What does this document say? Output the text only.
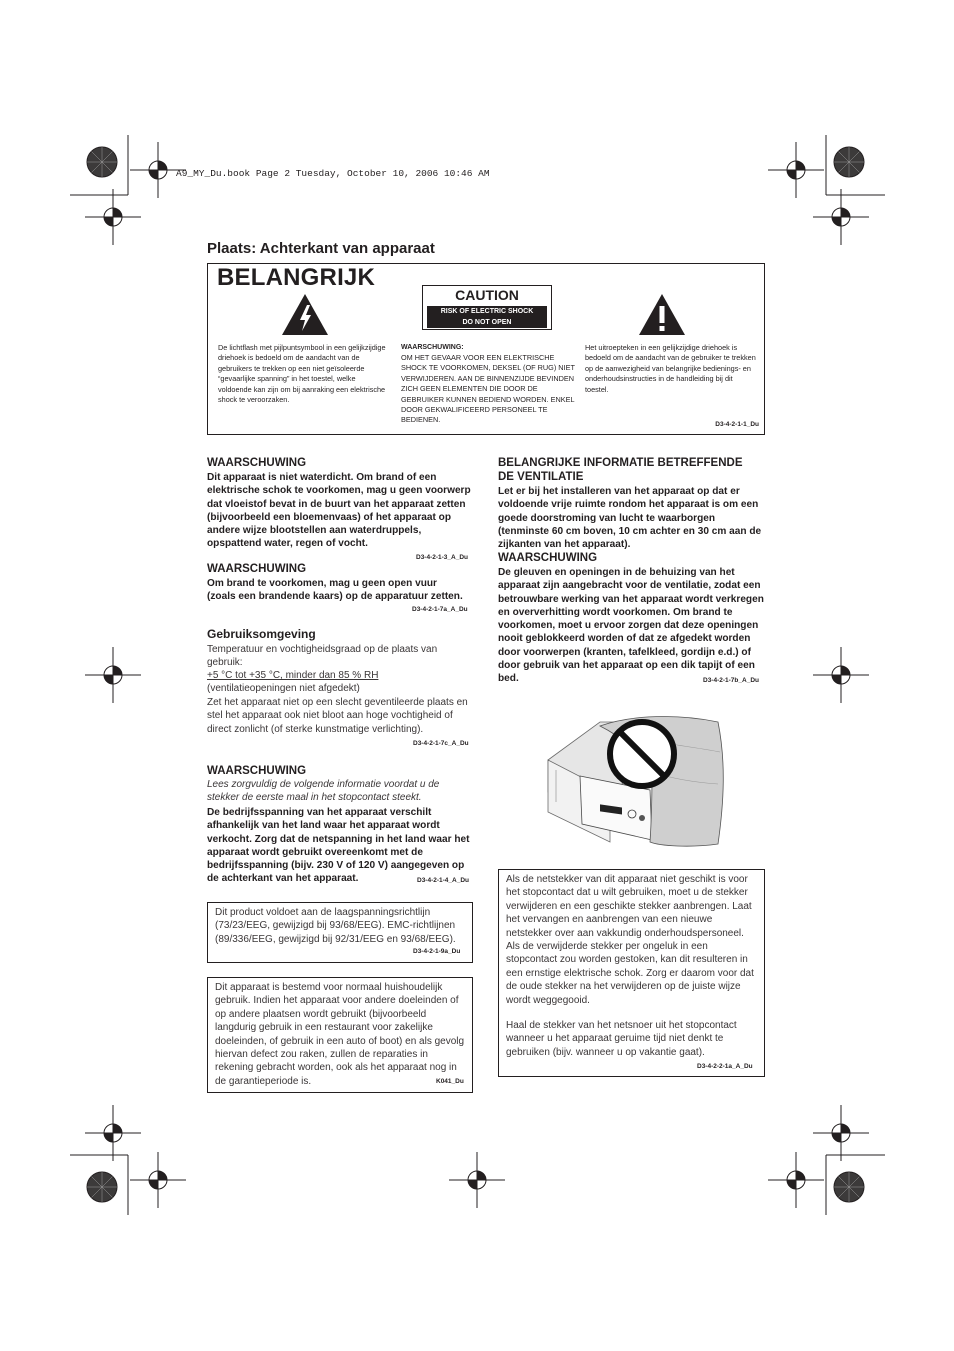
A9_MY_Du.book Page 2 Tuesday, October 10, 2006 10:46 AM
Plaats: Achterkant van apparaat
BELANGRIJK
CAUTION
RISK OF ELECTRIC SHOCK
DO NOT OPEN
De lichtflash met pijlpuntsymbool in een gelijkzijdige driehoek is bedoeld om de aandacht van de gebruikers te trekken op een niet geïsoleerde “gevaarlijke spanning” in het toestel, welke voldoende kan zijn om bij aanraking een elektrische shock te veroorzaken.
WAARSCHUWING:
OM HET GEVAAR VOOR EEN ELEKTRISCHE SHOCK TE VOORKOMEN, DEKSEL (OF RUG) NIET VERWIJDEREN. AAN DE BINNENZIJDE BEVINDEN ZICH GEEN ELEMENTEN DIE DOOR DE GEBRUIKER KUNNEN BEDIEND WORDEN. ENKEL DOOR GEKWALIFICEERD PERSONEEL TE BEDIENEN.
Het uitroepteken in een gelijkzijdige driehoek is bedoeld om de aandacht van de gebruiker te trekken op de aanwezigheid van belangrijke bedienings- en onderhoudsinstructies in de handleiding bij dit toestel.
D3-4-2-1-1_Du
WAARSCHUWING
Dit apparaat is niet waterdicht. Om brand of een elektrische schok te voorkomen, mag u geen voorwerp dat vloeistof bevat in de buurt van het apparaat zetten (bijvoorbeeld een bloemenvaas) of het apparaat op andere wijze blootstellen aan waterdruppels, opspattend water, regen of vocht.
D3-4-2-1-3_A_Du
WAARSCHUWING
Om brand te voorkomen, mag u geen open vuur (zoals een brandende kaars) op de apparatuur zetten.
D3-4-2-1-7a_A_Du
Gebruiksomgeving
Temperatuur en vochtigheidsgraad op de plaats van gebruik:
+5 °C tot +35 °C, minder dan 85 % RH
(ventilatieopeningen niet afgedekt)
Zet het apparaat niet op een slecht geventileerde plaats en stel het apparaat ook niet bloot aan hoge vochtigheid of direct zonlicht (of sterke kunstmatige verlichting).
D3-4-2-1-7c_A_Du
WAARSCHUWING
Lees zorgvuldig de volgende informatie voordat u de stekker de eerste maal in het stopcontact steekt.
De bedrijfsspanning van het apparaat verschilt afhankelijk van het land waar het apparaat wordt verkocht. Zorg dat de netspanning in het land waar het apparaat wordt gebruikt overeenkomt met de bedrijfsspanning (bijv. 230 V of 120 V) aangegeven op de achterkant van het apparaat.	D3-4-2-1-4_A_Du
Dit product voldoet aan de laagspanningsrichtlijn (73/23/EEG, gewijzigd bij 93/68/EEG). EMC-richtlijnen (89/336/EEG, gewijzigd bij 92/31/EEG en 93/68/EEG).
D3-4-2-1-9a_Du
Dit apparaat is bestemd voor normaal huishoudelijk gebruik. Indien het apparaat voor andere doeleinden of op andere plaatsen wordt gebruikt (bijvoorbeeld langdurig gebruik in een restaurant voor zakelijke doeleinden, of gebruik in een auto of boot) en als gevolg hiervan defect zou raken, zullen de reparaties in rekening gebracht worden, ook als het apparaat nog in de garantieperiode is.	K041_Du
BELANGRIJKE INFORMATIE BETREFFENDE DE VENTILATIE
Let er bij het installeren van het apparaat op dat er voldoende vrije ruimte rondom het apparaat is om een goede doorstroming van lucht te waarborgen (tenminste 60 cm boven, 10 cm achter en 30 cm aan de zijkanten van het apparaat).
WAARSCHUWING
De gleuven en openingen in de behuizing van het apparaat zijn aangebracht voor de ventilatie, zodat een betrouwbare werking van het apparaat wordt verkregen en oververhitting wordt voorkomen. Om brand te voorkomen, moet u ervoor zorgen dat deze openingen nooit geblokkeerd worden of dat ze afgedekt worden door voorwerpen (kranten, tafelkleed, gordijn e.d.) of door gebruik van het apparaat op een dik tapijt of een bed.	D3-4-2-1-7b_A_Du
Als de netstekker van dit apparaat niet geschikt is voor het stopcontact dat u wilt gebruiken, moet u de stekker verwijderen en een geschikte stekker aanbrengen. Laat het vervangen en aanbrengen van een nieuwe netstekker over aan vakkundig onderhoudspersoneel. Als de verwijderde stekker per ongeluk in een stopcontact zou worden gestoken, kan dit resulteren in een ernstige elektrische schok. Zorg er daarom voor dat de oude stekker na het verwijderen op de juiste wijze wordt weggegooid.
Haal de stekker van het netsnoer uit het stopcontact wanneer u het apparaat geruime tijd niet denkt te gebruiken (bijv. wanneer u op vakantie gaat).
D3-4-2-2-1a_A_Du
